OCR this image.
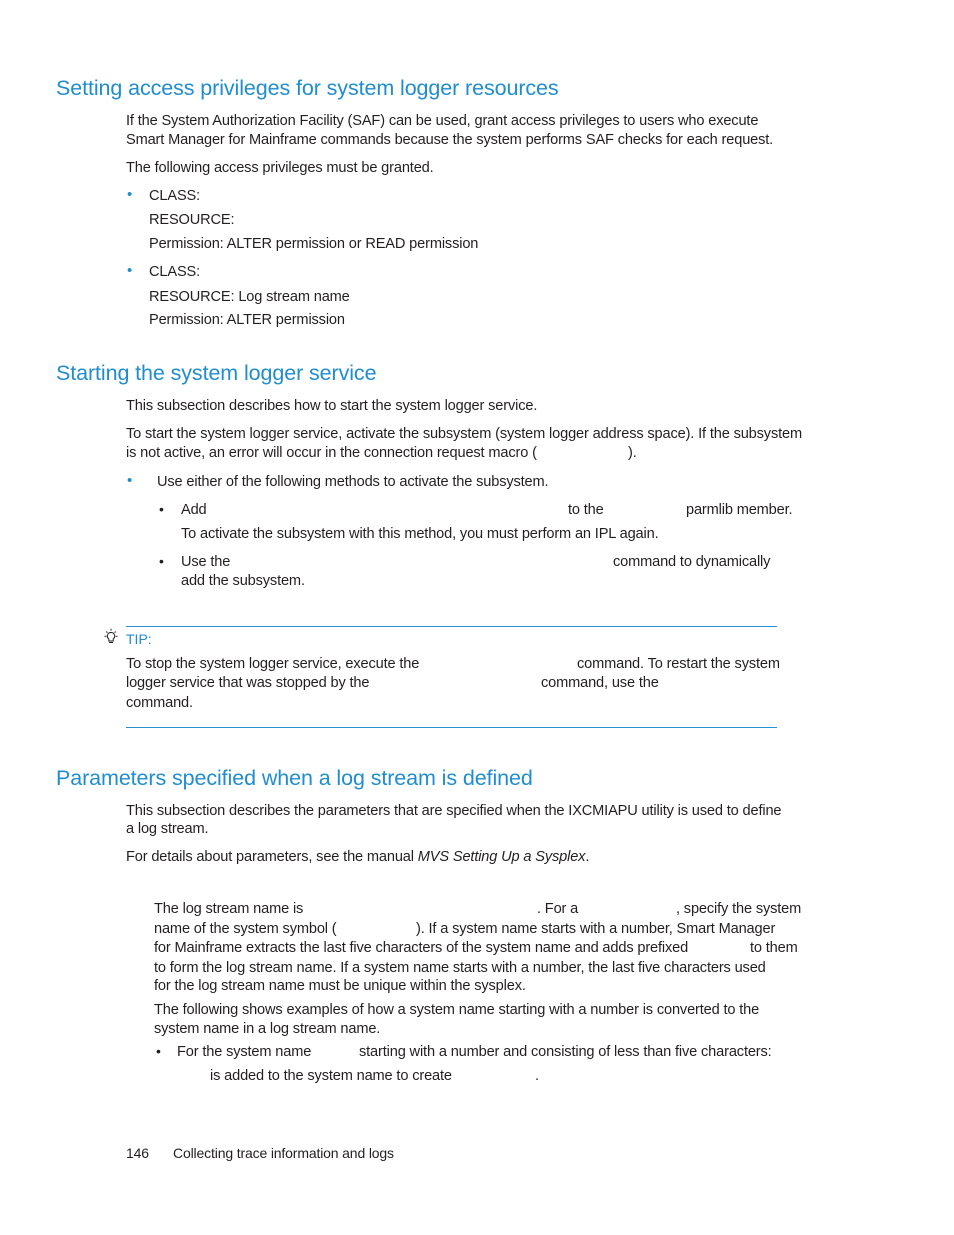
Setting access privileges for system logger resources

If the System Authorization Facility (SAF) can be used, grant access privileges to users who execute

Smart Manager for Mainframe commands because the system performs SAF checks for each request.

The following access privileges must be granted.

• CLASS:

RESOURCE:

Permission: ALTER permission or READ permission

• CLASS:

RESOURCE: Log stream name

Permission: ALTER permission

Starting the system logger service

This subsection describes how to start the system logger service.

To start the system logger service, activate the subsystem (system logger address space). If the subsystem

is not active, an error will occur in the connection request macro (	).

• Use either of the following methods to activate the subsystem.

• Add	to the	parmlib member.

To activate the subsystem with this method, you must perform an IPL again.

• Use the	command to dynamically

add the subsystem.

TIP:

To stop the system logger service, execute the	command. To restart the system

logger service that was stopped by the	command, use the

command.

Parameters specified when a log stream is defined

This subsection describes the parameters that are specified when the IXCMIAPU utility is used to define

a log stream.

For details about parameters, see the manual MVS Setting Up a Sysplex.

The log stream name is	. For a	, specify the system

name of the system symbol (	). If a system name starts with a number, Smart Manager

for Mainframe extracts the last five characters of the system name and adds prefixed	to them

to form the log stream name. If a system name starts with a number, the last five characters used

for the log stream name must be unique within the sysplex.

The following shows examples of how a system name starting with a number is converted to the

system name in a log stream name.

• For the system name	starting with a number and consisting of less than five characters:

is added to the system name to create	.

146 Collecting trace information and logs
